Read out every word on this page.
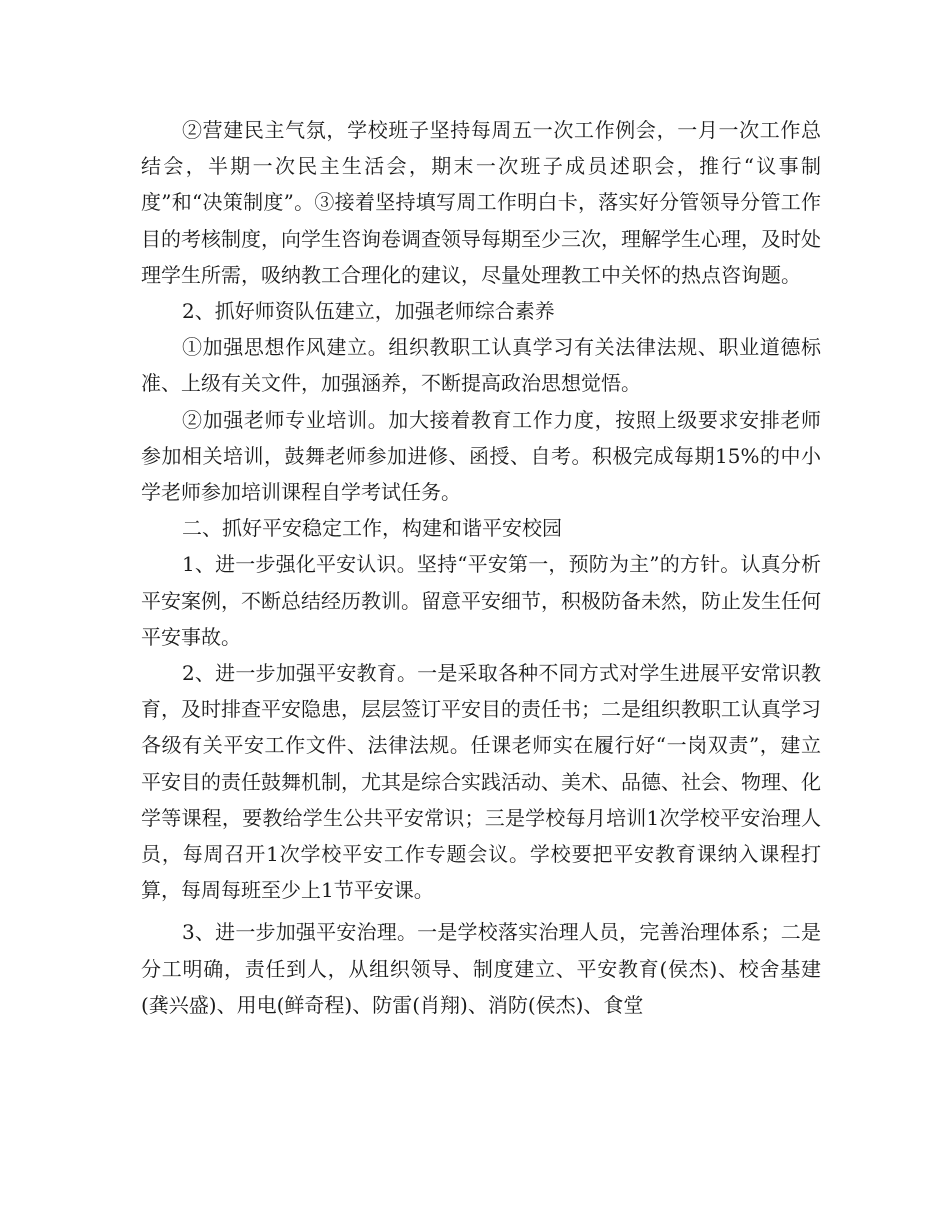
②营建民主气氛，学校班子坚持每周五一次工作例会，一月一次工作总结会，半期一次民主生活会，期末一次班子成员述职会，推行“议事制度”和“决策制度”。③接着坚持填写周工作明白卡，落实好分管领导分管工作目的考核制度，向学生咨询卷调查领导每期至少三次，理解学生心理，及时处理学生所需，吸纳教工合理化的建议，尽量处理教工中关怀的热点咨询题。

2、抓好师资队伍建立，加强老师综合素养

①加强思想作风建立。组织教职工认真学习有关法律法规、职业道德标准、上级有关文件，加强涵养，不断提高政治思想觉悟。

②加强老师专业培训。加大接着教育工作力度，按照上级要求安排老师参加相关培训，鼓舞老师参加进修、函授、自考。积极完成每期15%的中小学老师参加培训课程自学考试任务。

二、抓好平安稳定工作，构建和谐平安校园

1、进一步强化平安认识。坚持“平安第一，预防为主”的方针。认真分析平安案例，不断总结经历教训。留意平安细节，积极防备未然，防止发生任何平安事故。

2、进一步加强平安教育。一是采取各种不同方式对学生进展平安常识教育，及时排查平安隐患，层层签订平安目的责任书；二是组织教职工认真学习各级有关平安工作文件、法律法规。任课老师实在履行好“一岗双责”，建立平安目的责任鼓舞机制，尤其是综合实践活动、美术、品德、社会、物理、化学等课程，要教给学生公共平安常识；三是学校每月培训1次学校平安治理人员，每周召开1次学校平安工作专题会议。学校要把平安教育课纳入课程打算，每周每班至少上1节平安课。

3、进一步加强平安治理。一是学校落实治理人员，完善治理体系；二是分工明确，责任到人，从组织领导、制度建立、平安教育(侯杰)、校舍基建(龚兴盛)、用电(鲜奇程)、防雷(肖翔)、消防(侯杰)、食堂
